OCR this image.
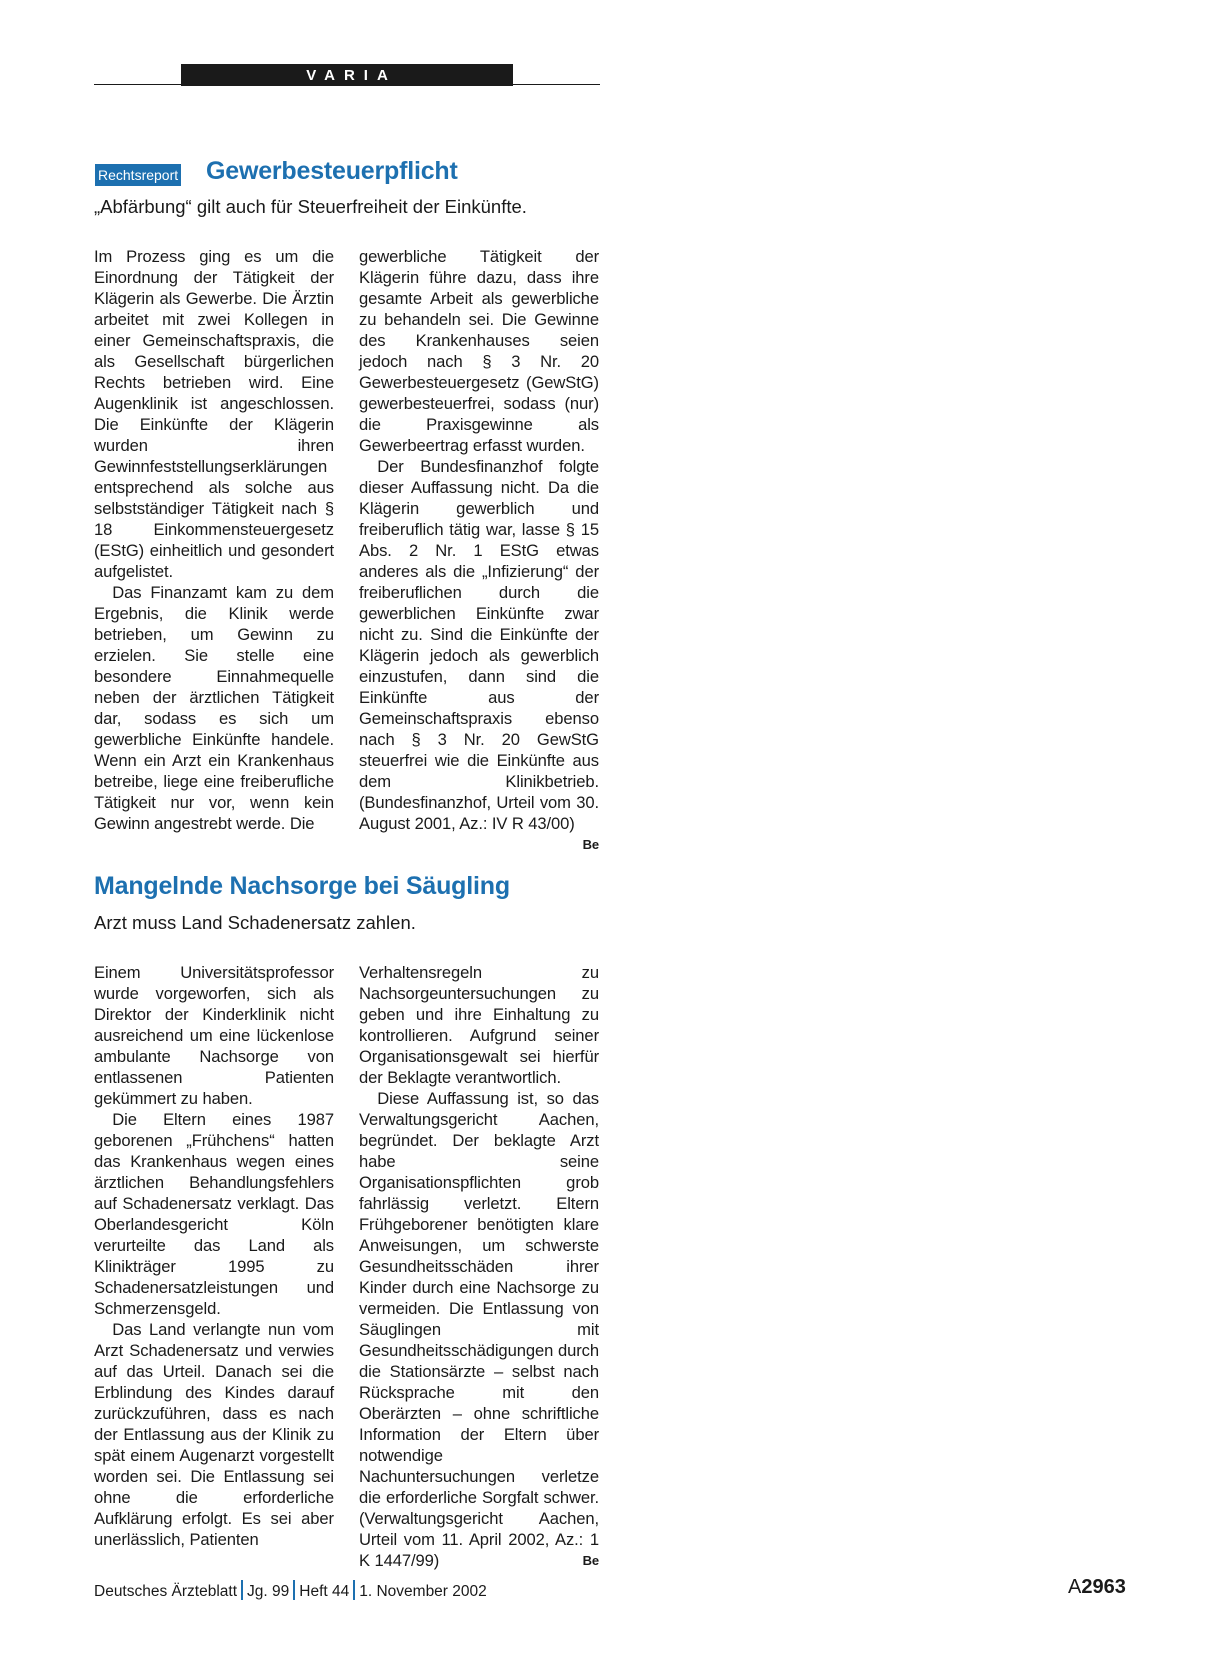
VARIA
Rechtsreport Gewerbesteuerpflicht

„Abfärbung“ gilt auch für Steuerfreiheit der Einkünfte.

Im Prozess ging es um die Einordnung der Tätigkeit der Klägerin als Gewerbe. Die Ärztin arbeitet mit zwei Kollegen in einer Gemeinschaftspraxis, die als Gesellschaft bürgerlichen Rechts betrieben wird. Eine Augenklinik ist angeschlossen. Die Einkünfte der Klägerin wurden ihren Gewinnfeststellungserklärungen entsprechend als solche aus selbstständiger Tätigkeit nach § 18 Einkommensteuergesetz (EStG) einheitlich und gesondert aufgelistet.

Das Finanzamt kam zu dem Ergebnis, die Klinik werde betrieben, um Gewinn zu erzielen. Sie stelle eine besondere Einnahmequelle neben der ärztlichen Tätigkeit dar, sodass es sich um gewerbliche Einkünfte handele. Wenn ein Arzt ein Krankenhaus betreibe, liege eine freiberufliche Tätigkeit nur vor, wenn kein Gewinn angestrebt werde. Die

gewerbliche Tätigkeit der Klägerin führe dazu, dass ihre gesamte Arbeit als gewerbliche zu behandeln sei. Die Gewinne des Krankenhauses seien jedoch nach § 3 Nr. 20 Gewerbesteuergesetz (GewStG) gewerbesteuerfrei, sodass (nur) die Praxisgewinne als Gewerbeertrag erfasst wurden.

Der Bundesfinanzhof folgte dieser Auffassung nicht. Da die Klägerin gewerblich und freiberuflich tätig war, lasse § 15 Abs. 2 Nr. 1 EStG etwas anderes als die „Infizierung“ der freiberuflichen durch die gewerblichen Einkünfte zwar nicht zu. Sind die Einkünfte der Klägerin jedoch als gewerblich einzustufen, dann sind die Einkünfte aus der Gemeinschaftspraxis ebenso nach § 3 Nr. 20 GewStG steuerfrei wie die Einkünfte aus dem Klinikbetrieb. (Bundesfinanzhof, Urteil vom 30. August 2001, Az.: IV R 43/00)
Be

Mangelnde Nachsorge bei Säugling

Arzt muss Land Schadenersatz zahlen.

Einem Universitätsprofessor wurde vorgeworfen, sich als Direktor der Kinderklinik nicht ausreichend um eine lückenlose ambulante Nachsorge von entlassenen Patienten gekümmert zu haben.

Die Eltern eines 1987 geborenen „Frühchens“ hatten das Krankenhaus wegen eines ärztlichen Behandlungsfehlers auf Schadenersatz verklagt. Das Oberlandesgericht Köln verurteilte das Land als Klinikträger 1995 zu Schadenersatzleistungen und Schmerzensgeld.

Das Land verlangte nun vom Arzt Schadenersatz und verwies auf das Urteil. Danach sei die Erblindung des Kindes darauf zurückzuführen, dass es nach der Entlassung aus der Klinik zu spät einem Augenarzt vorgestellt worden sei. Die Entlassung sei ohne die erforderliche Aufklärung erfolgt. Es sei aber unerlässlich, Patienten

Verhaltensregeln zu Nachsorgeuntersuchungen zu geben und ihre Einhaltung zu kontrollieren. Aufgrund seiner Organisationsgewalt sei hierfür der Beklagte verantwortlich.

Diese Auffassung ist, so das Verwaltungsgericht Aachen, begründet. Der beklagte Arzt habe seine Organisationspflichten grob fahrlässig verletzt. Eltern Frühgeborener benötigten klare Anweisungen, um schwerste Gesundheitsschäden ihrer Kinder durch eine Nachsorge zu vermeiden. Die Entlassung von Säuglingen mit Gesundheitsschädigungen durch die Stationsärzte – selbst nach Rücksprache mit den Oberärzten – ohne schriftliche Information der Eltern über notwendige Nachuntersuchungen verletze die erforderliche Sorgfalt schwer. (Verwaltungsgericht Aachen, Urteil vom 11. April 2002, Az.: 1 K 1447/99)	Be

Deutsches Ärzteblatt Jg. 99 Heft 44 1. November 2002	A2963
